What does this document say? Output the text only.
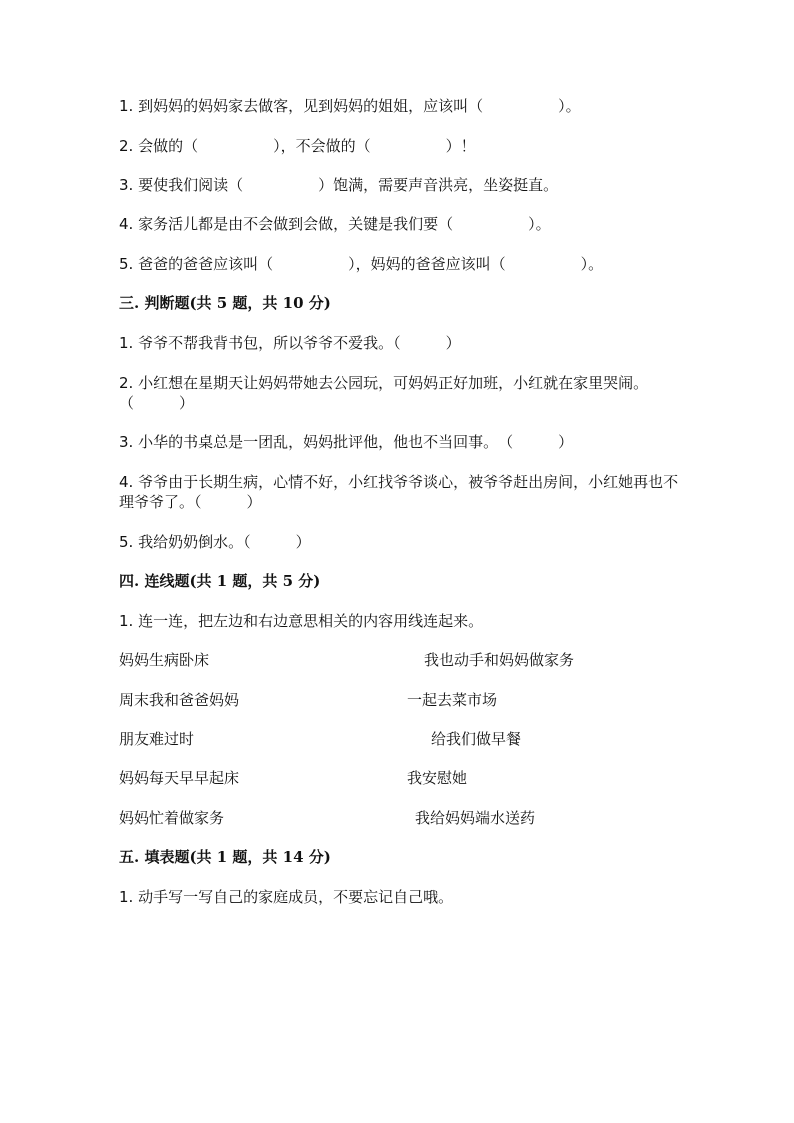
1. 到妈妈的妈妈家去做客，见到妈妈的姐姐，应该叫（　　　　　）。
2. 会做的（　　　　　），不会做的（　　　　　）！
3. 要使我们阅读（　　　　　）饱满，需要声音洪亮，坐姿挺直。
4. 家务活儿都是由不会做到会做，关键是我们要（　　　　　）。
5. 爸爸的爸爸应该叫（　　　　　），妈妈的爸爸应该叫（　　　　　）。
三. 判断题(共 5 题，共 10 分)
1. 爷爷不帮我背书包，所以爷爷不爱我。（　　　）
2. 小红想在星期天让妈妈带她去公园玩，可妈妈正好加班，小红就在家里哭闹。（　　　）
3. 小华的书桌总是一团乱，妈妈批评他，他也不当回事。　（　　　）
4. 爷爷由于长期生病，心情不好，小红找爷爷谈心，被爷爷赶出房间，小红她再也不理爷爷了。（　　　）
5. 我给奶奶倒水。（　　　）
四. 连线题(共 1 题，共 5 分)
1. 连一连，把左边和右边意思相关的内容用线连起来。
妈妈生病卧床
周末我和爸爸妈妈
朋友难过时
妈妈每天早早起床
妈妈忙着做家务
我也动手和妈妈做家务
一起去菜市场
给我们做早餐
我安慰她
我给妈妈端水送药
五. 填表题(共 1 题，共 14 分)
1. 动手写一写自己的家庭成员，不要忘记自己哦。
